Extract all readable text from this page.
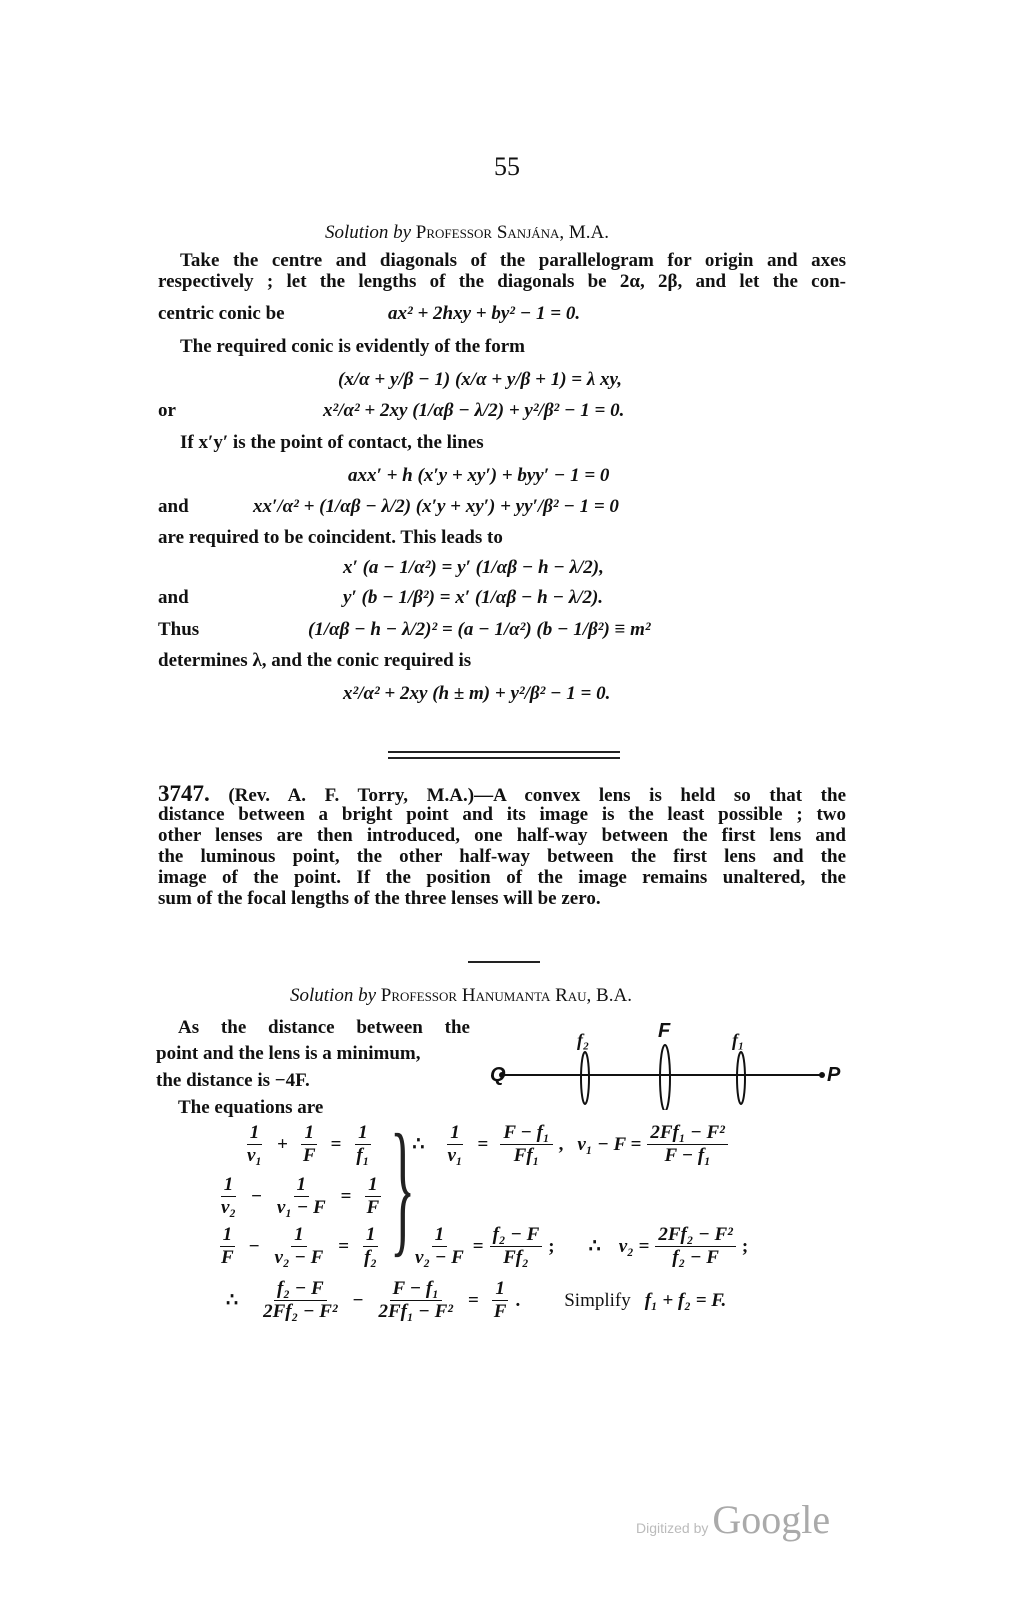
55
Solution by Professor Sanjána, M.A.
Take the centre and diagonals of the parallelogram for origin and axes
respectively ; let the lengths of the diagonals be 2α, 2β, and let the con-
centric conic be	ax² + 2hxy + by² − 1 = 0.
The required conic is evidently of the form
(x/α + y/β − 1) (x/α + y/β + 1) = λ xy,
or	x²/α² + 2xy (1/αβ − λ/2) + y²/β² − 1 = 0.
If x′y′ is the point of contact, the lines
axx′ + h (x′y + xy′) + byy′ − 1 = 0
and	xx′/α² + (1/αβ − λ/2) (x′y + xy′) + yy′/β² − 1 = 0
are required to be coincident. This leads to
x′ (a − 1/α²) = y′ (1/αβ − h − λ/2),
and	y′ (b − 1/β²) = x′ (1/αβ − h − λ/2).
Thus	(1/αβ − h − λ/2)² = (a − 1/α²) (b − 1/β²) ≡ m²
determines λ, and the conic required is
x²/α² + 2xy (h ± m) + y²/β² − 1 = 0.
3747. (Rev. A. F. Torry, M.A.)—A convex lens is held so that the
distance between a bright point and its image is the least possible ; two
other lenses are then introduced, one half-way between the first lens and
the luminous point, the other half-way between the first lens and the
image of the point. If the position of the image remains unaltered, the
sum of the focal lengths of the three lenses will be zero.
Solution by Professor Hanumanta Rau, B.A.
As the distance between the
point and the lens is a minimum,
the distance is −4F.
The equations are
Q	P
f₂	F	f₁
$\frac{1}{\text{v₁}} + \frac{1}{F} = \frac{1}{\text{f₁}}$ ∴ $\frac{1}{\text{v₁}} = \frac{\text{F − f₁}}{\text{Ff₁}}$ , $v_1 - F = \frac{\text{2Ff₁ − F²}}{\text{F − f₁}}$
$\frac{1}{\text{v₂}} - \frac{1}{\text{v₁ − F}} = \frac{1}{F}$ }
$\frac{1}{F} - \frac{1}{\text{v₂ − F}} = \frac{1}{\text{f₂}} \frac{1}{\text{v₂ − F}} = \frac{\text{f₂ − F}}{\text{Ff₂}}$ ; ∴ $v_2 = \frac{\text{2Ff₂ − F²}}{\text{f₂ − F}}$ ;
∴ $\frac{\text{f₂ − F}}{\text{2Ff₂ − F²}} - \frac{\text{F − f₁}}{\text{2Ff₁ − F²}} = \frac{1}{F}$ . Simplify f₁ + f₂ = F.
Digitized by Google
